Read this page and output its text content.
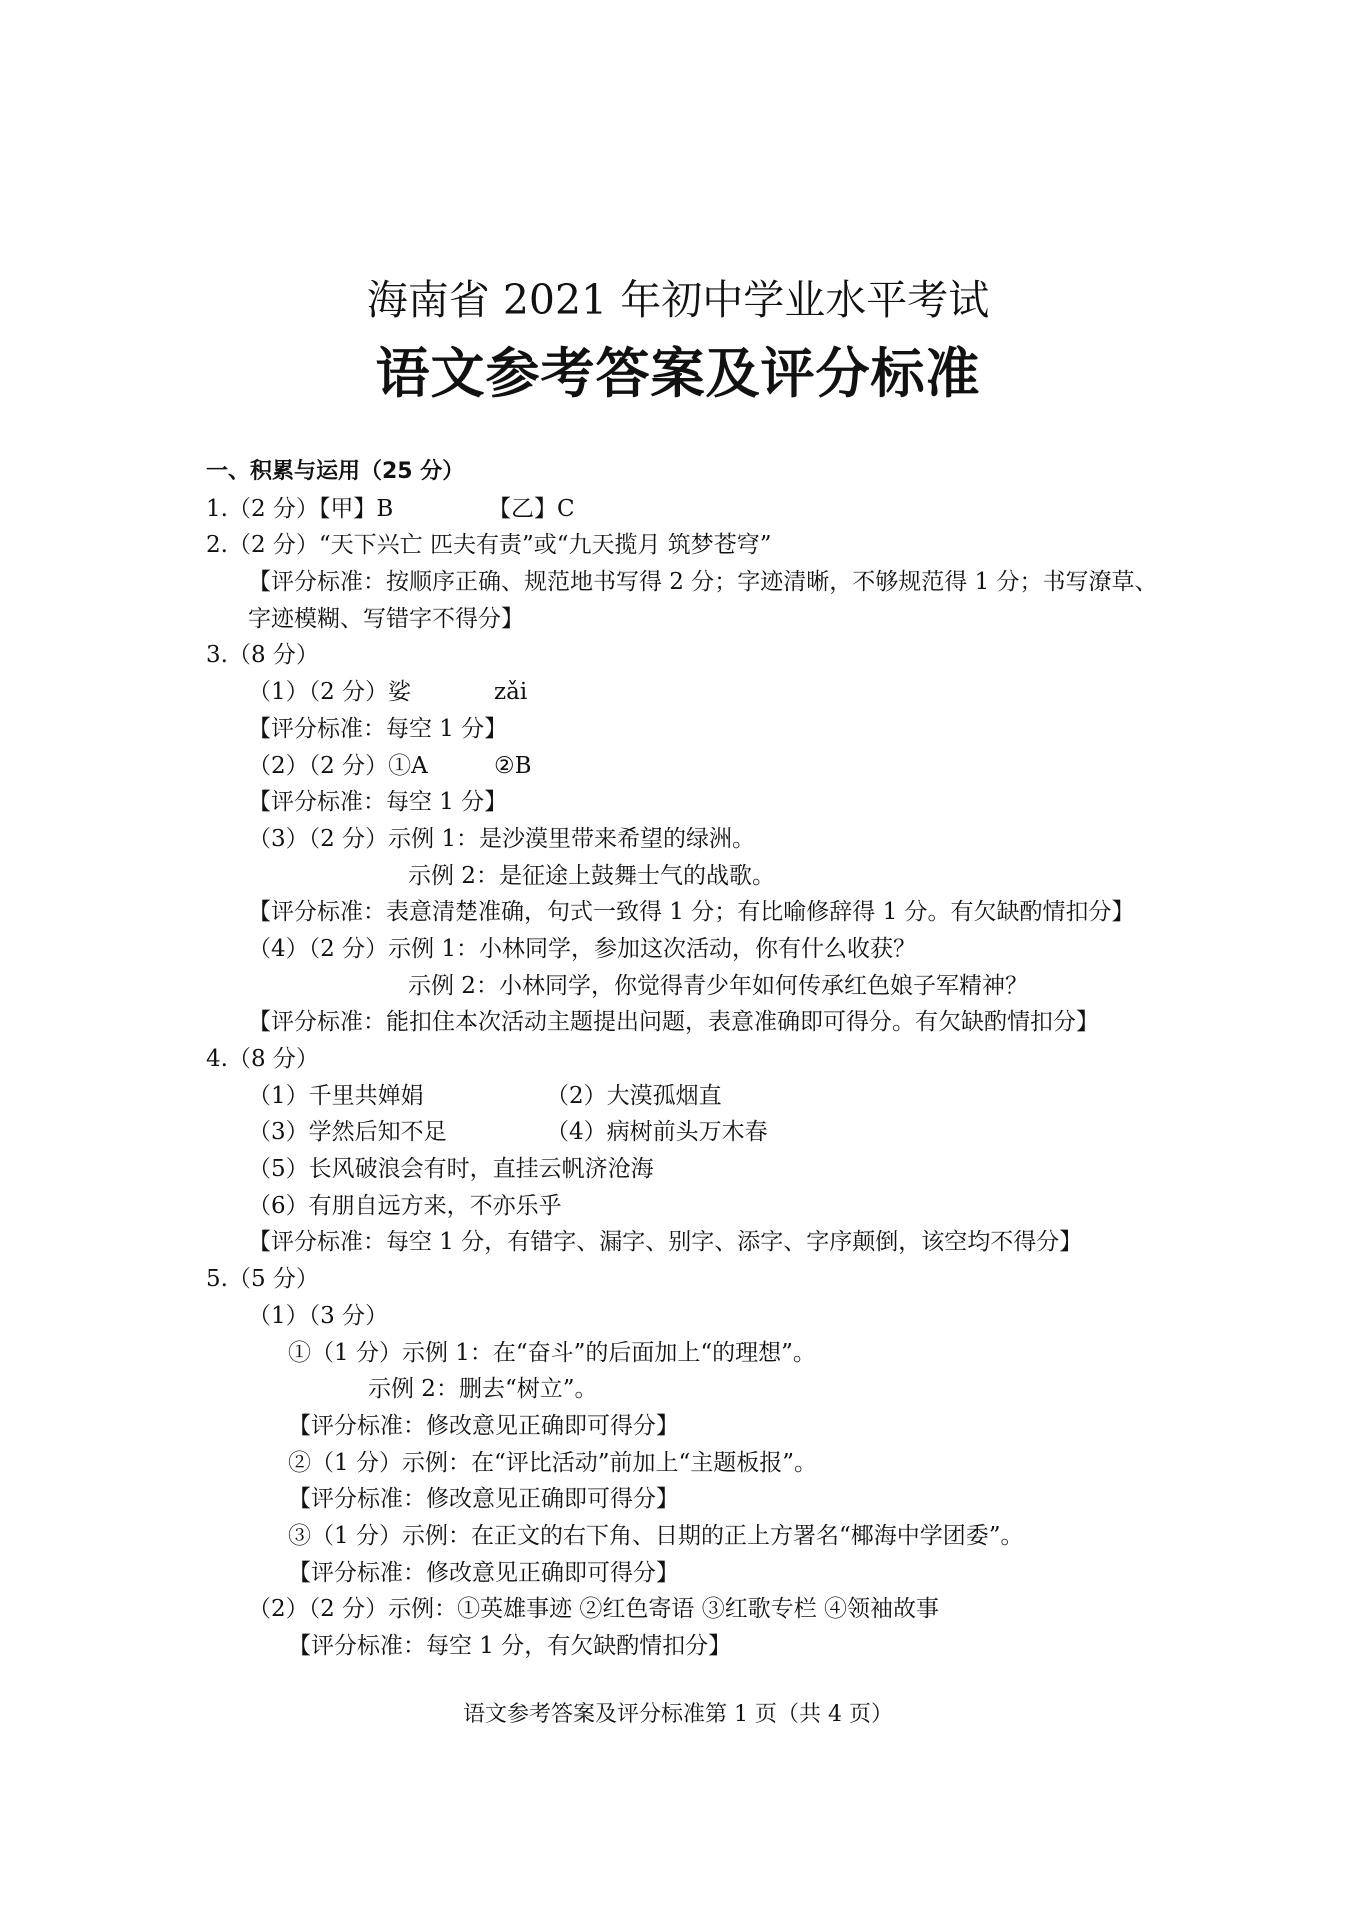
海南省 2021 年初中学业水平考试
语文参考答案及评分标准
一、积累与运用（25 分）
1.（2 分）【甲】B	【乙】C
2.（2 分）“天下兴亡 匹夫有责”或“九天揽月 筑梦苍穹”
【评分标准：按顺序正确、规范地书写得 2 分；字迹清晰，不够规范得 1 分；书写潦草、
字迹模糊、写错字不得分】
3.（8 分）
（1）（2 分）娑	zǎi
【评分标准：每空 1 分】
（2）（2 分）①A	②B
【评分标准：每空 1 分】
（3）（2 分）示例 1：是沙漠里带来希望的绿洲。
示例 2：是征途上鼓舞士气的战歌。
【评分标准：表意清楚准确，句式一致得 1 分；有比喻修辞得 1 分。有欠缺酌情扣分】
（4）（2 分）示例 1：小林同学，参加这次活动，你有什么收获？
示例 2：小林同学，你觉得青少年如何传承红色娘子军精神？
【评分标准：能扣住本次活动主题提出问题，表意准确即可得分。有欠缺酌情扣分】
4.（8 分）
（1）千里共婵娟	（2）大漠孤烟直
（3）学然后知不足	（4）病树前头万木春
（5）长风破浪会有时，直挂云帆济沧海
（6）有朋自远方来，不亦乐乎
【评分标准：每空 1 分，有错字、漏字、别字、添字、字序颠倒，该空均不得分】
5.（5 分）
（1）（3 分）
①（1 分）示例 1：在“奋斗”的后面加上“的理想”。
示例 2：删去“树立”。
【评分标准：修改意见正确即可得分】
②（1 分）示例：在“评比活动”前加上“主题板报”。
【评分标准：修改意见正确即可得分】
③（1 分）示例：在正文的右下角、日期的正上方署名“椰海中学团委”。
【评分标准：修改意见正确即可得分】
（2）（2 分）示例：①英雄事迹 ②红色寄语 ③红歌专栏 ④领袖故事
【评分标准：每空 1 分，有欠缺酌情扣分】
语文参考答案及评分标准第 1 页（共 4 页）
